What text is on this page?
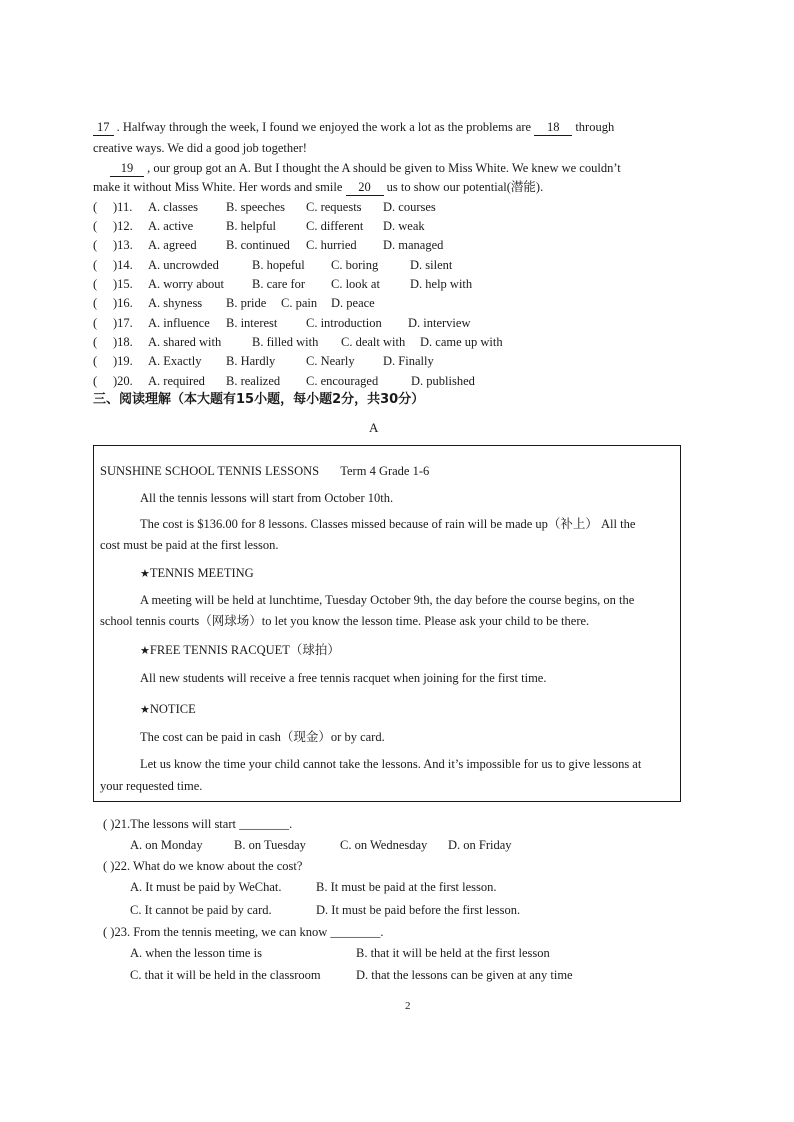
17 . Halfway through the week, I found we enjoyed the work a lot as the problems are 18 through
creative ways. We did a good job together!
19 , our group got an A. But I thought the A should be given to Miss White. We knew we couldn’t
make it without Miss White. Her words and smile 20 us to show our potential(潜能).
( )11. A. classes B. speeches C. requests D. courses
( )12. A. active	B. helpful C. different D. weak
( )13. A. agreed B. continued C. hurried D. managed
( )14. A. uncrowded	B. hopeful C. boring	D. silent
( )15. A. worry about B. care for C. look at D. help with
( )16. A. shyness B. pride C. pain D. peace
( )17. A. influence B. interest C. introduction D. interview
( )18. A. shared with B. filled with C. dealt with D. came up with
( )19. A. Exactly B. Hardly C. Nearly D. Finally
( )20. A. required B. realized C. encouraged	D. published
三、阅读理解（本大题有15小题，每小题2分，共30分）
A
SUNSHINE SCHOOL TENNIS LESSONS Term 4 Grade 1-6
All the tennis lessons will start from October 10th.
The cost is $136.00 for 8 lessons. Classes missed because of rain will be made up（补上） All the
cost must be paid at the first lesson.
★TENNIS MEETING
A meeting will be held at lunchtime, Tuesday October 9th, the day before the course begins, on the
school tennis courts（网球场）to let you know the lesson time. Please ask your child to be there.
★FREE TENNIS RACQUET（球拍）
All new students will receive a free tennis racquet when joining for the first time.
★NOTICE
The cost can be paid in cash（现金）or by card.
Let us know the time your child cannot take the lessons. And it’s impossible for us to give lessons at
your requested time.
( )21.The lessons will start ________.
A. on Monday	B. on Tuesday	C. on Wednesday D. on Friday
( )22. What do we know about the cost?
A. It must be paid by WeChat.	B. It must be paid at the first lesson.
C. It cannot be paid by card.	D. It must be paid before the first lesson.
( )23. From the tennis meeting, we can know ________.
A. when the lesson time is	B. that it will be held at the first lesson
C. that it will be held in the classroom	D. that the lessons can be given at any time
2
